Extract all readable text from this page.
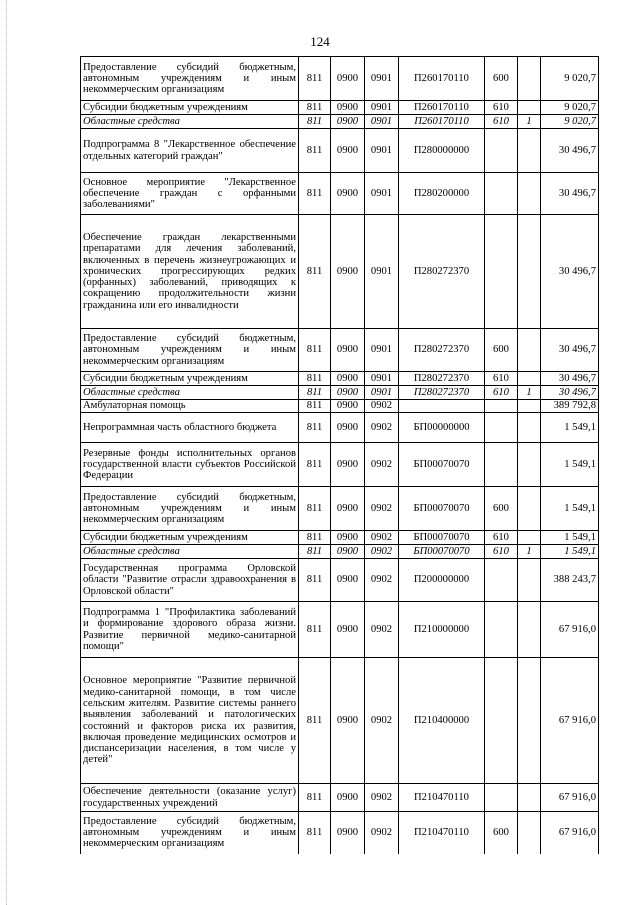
124
Предоставление субсидий бюджетным, автономным учреждениям и иным некоммерческим организациям	811	0900	0901	П260170110	600		9 020,7
Субсидии бюджетным учреждениям	811	0900	0901	П260170110	610		9 020,7
Областные средства	811	0900	0901	П260170110	610	1	9 020,7
Подпрограмма 8 "Лекарственное обеспечение отдельных категорий граждан"	811	0900	0901	П280000000			30 496,7
Основное мероприятие "Лекарственное обеспечение граждан с орфанными заболеваниями"	811	0900	0901	П280200000			30 496,7
Обеспечение граждан лекарственными препаратами для лечения заболеваний, включенных в перечень жизнеугрожающих и хронических прогрессирующих редких (орфанных) заболеваний, приводящих к сокращению продолжительности жизни гражданина или его инвалидности	811	0900	0901	П280272370			30 496,7
Предоставление субсидий бюджетным, автономным учреждениям и иным некоммерческим организациям	811	0900	0901	П280272370	600		30 496,7
Субсидии бюджетным учреждениям	811	0900	0901	П280272370	610		30 496,7
Областные средства	811	0900	0901	П280272370	610	1	30 496,7
Амбулаторная помощь	811	0900	0902				389 792,8
Непрограммная часть областного бюджета	811	0900	0902	БП00000000			1 549,1
Резервные фонды исполнительных органов государственной власти субъектов Российской Федерации	811	0900	0902	БП00070070			1 549,1
Предоставление субсидий бюджетным, автономным учреждениям и иным некоммерческим организациям	811	0900	0902	БП00070070	600		1 549,1
Субсидии бюджетным учреждениям	811	0900	0902	БП00070070	610		1 549,1
Областные средства	811	0900	0902	БП00070070	610	1	1 549,1
Государственная программа Орловской области "Развитие отрасли здравоохранения в Орловской области"	811	0900	0902	П200000000			388 243,7
Подпрограмма 1 "Профилактика заболеваний и формирование здорового образа жизни. Развитие первичной медико-санитарной помощи"	811	0900	0902	П210000000			67 916,0
Основное мероприятие "Развитие первичной медико-санитарной помощи, в том числе сельским жителям. Развитие системы раннего выявления заболеваний и патологических состояний и факторов риска их развития, включая проведение медицинских осмотров и диспансеризации населения, в том числе у детей"	811	0900	0902	П210400000			67 916,0
Обеспечение деятельности (оказание услуг) государственных учреждений	811	0900	0902	П210470110			67 916,0
Предоставление субсидий бюджетным, автономным учреждениям и иным некоммерческим организациям	811	0900	0902	П210470110	600		67 916,0
